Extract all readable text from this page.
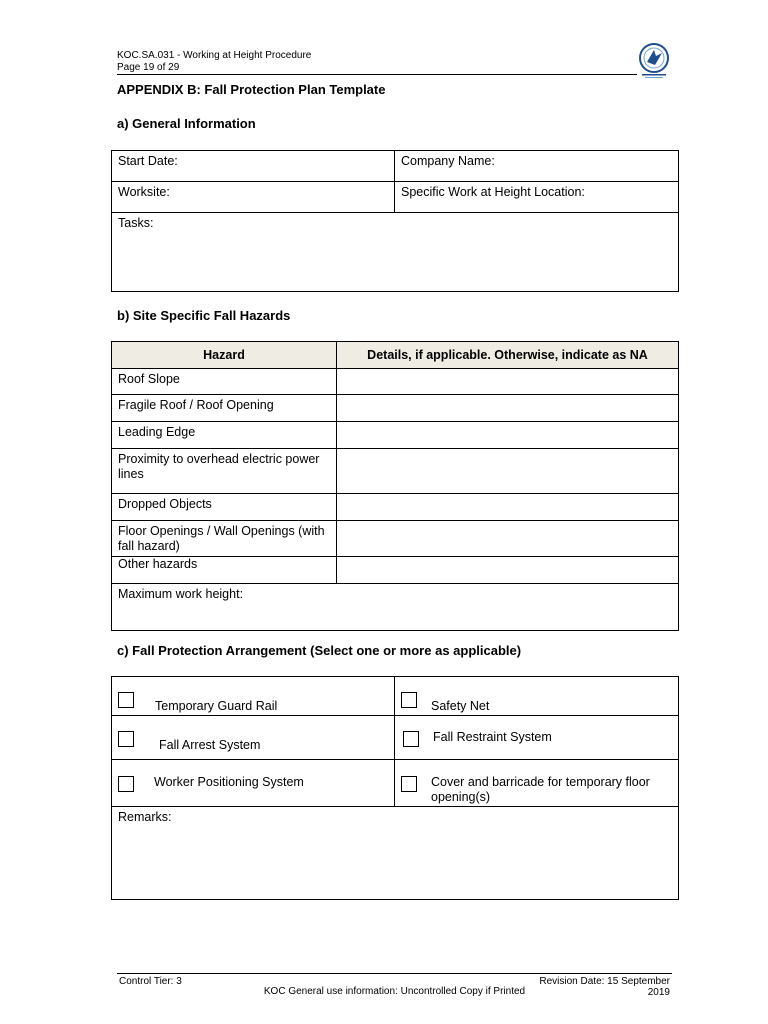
KOC.SA.031 - Working at Height Procedure
Page 19 of 29
APPENDIX B: Fall Protection Plan Template
a) General Information
Start Date:	Company Name:
Worksite:	Specific Work at Height Location:
Tasks:	
b) Site Specific Fall Hazards
Hazard	Details, if applicable. Otherwise, indicate as NA
Roof Slope	
Fragile Roof / Roof Opening	
Leading Edge	
Proximity to overhead electric power lines	
Dropped Objects	
Floor Openings / Wall Openings (with fall hazard)	
Other hazards	
Maximum work height:	
c) Fall Protection Arrangement (Select one or more as applicable)
Temporary Guard Rail	Safety Net

Fall Arrest System	Fall Restraint System

Worker Positioning System	Cover and barricade for temporary floor opening(s)

Remarks:	
Control Tier: 3	Revision Date: 15 September 2019
KOC General use information: Uncontrolled Copy if Printed
